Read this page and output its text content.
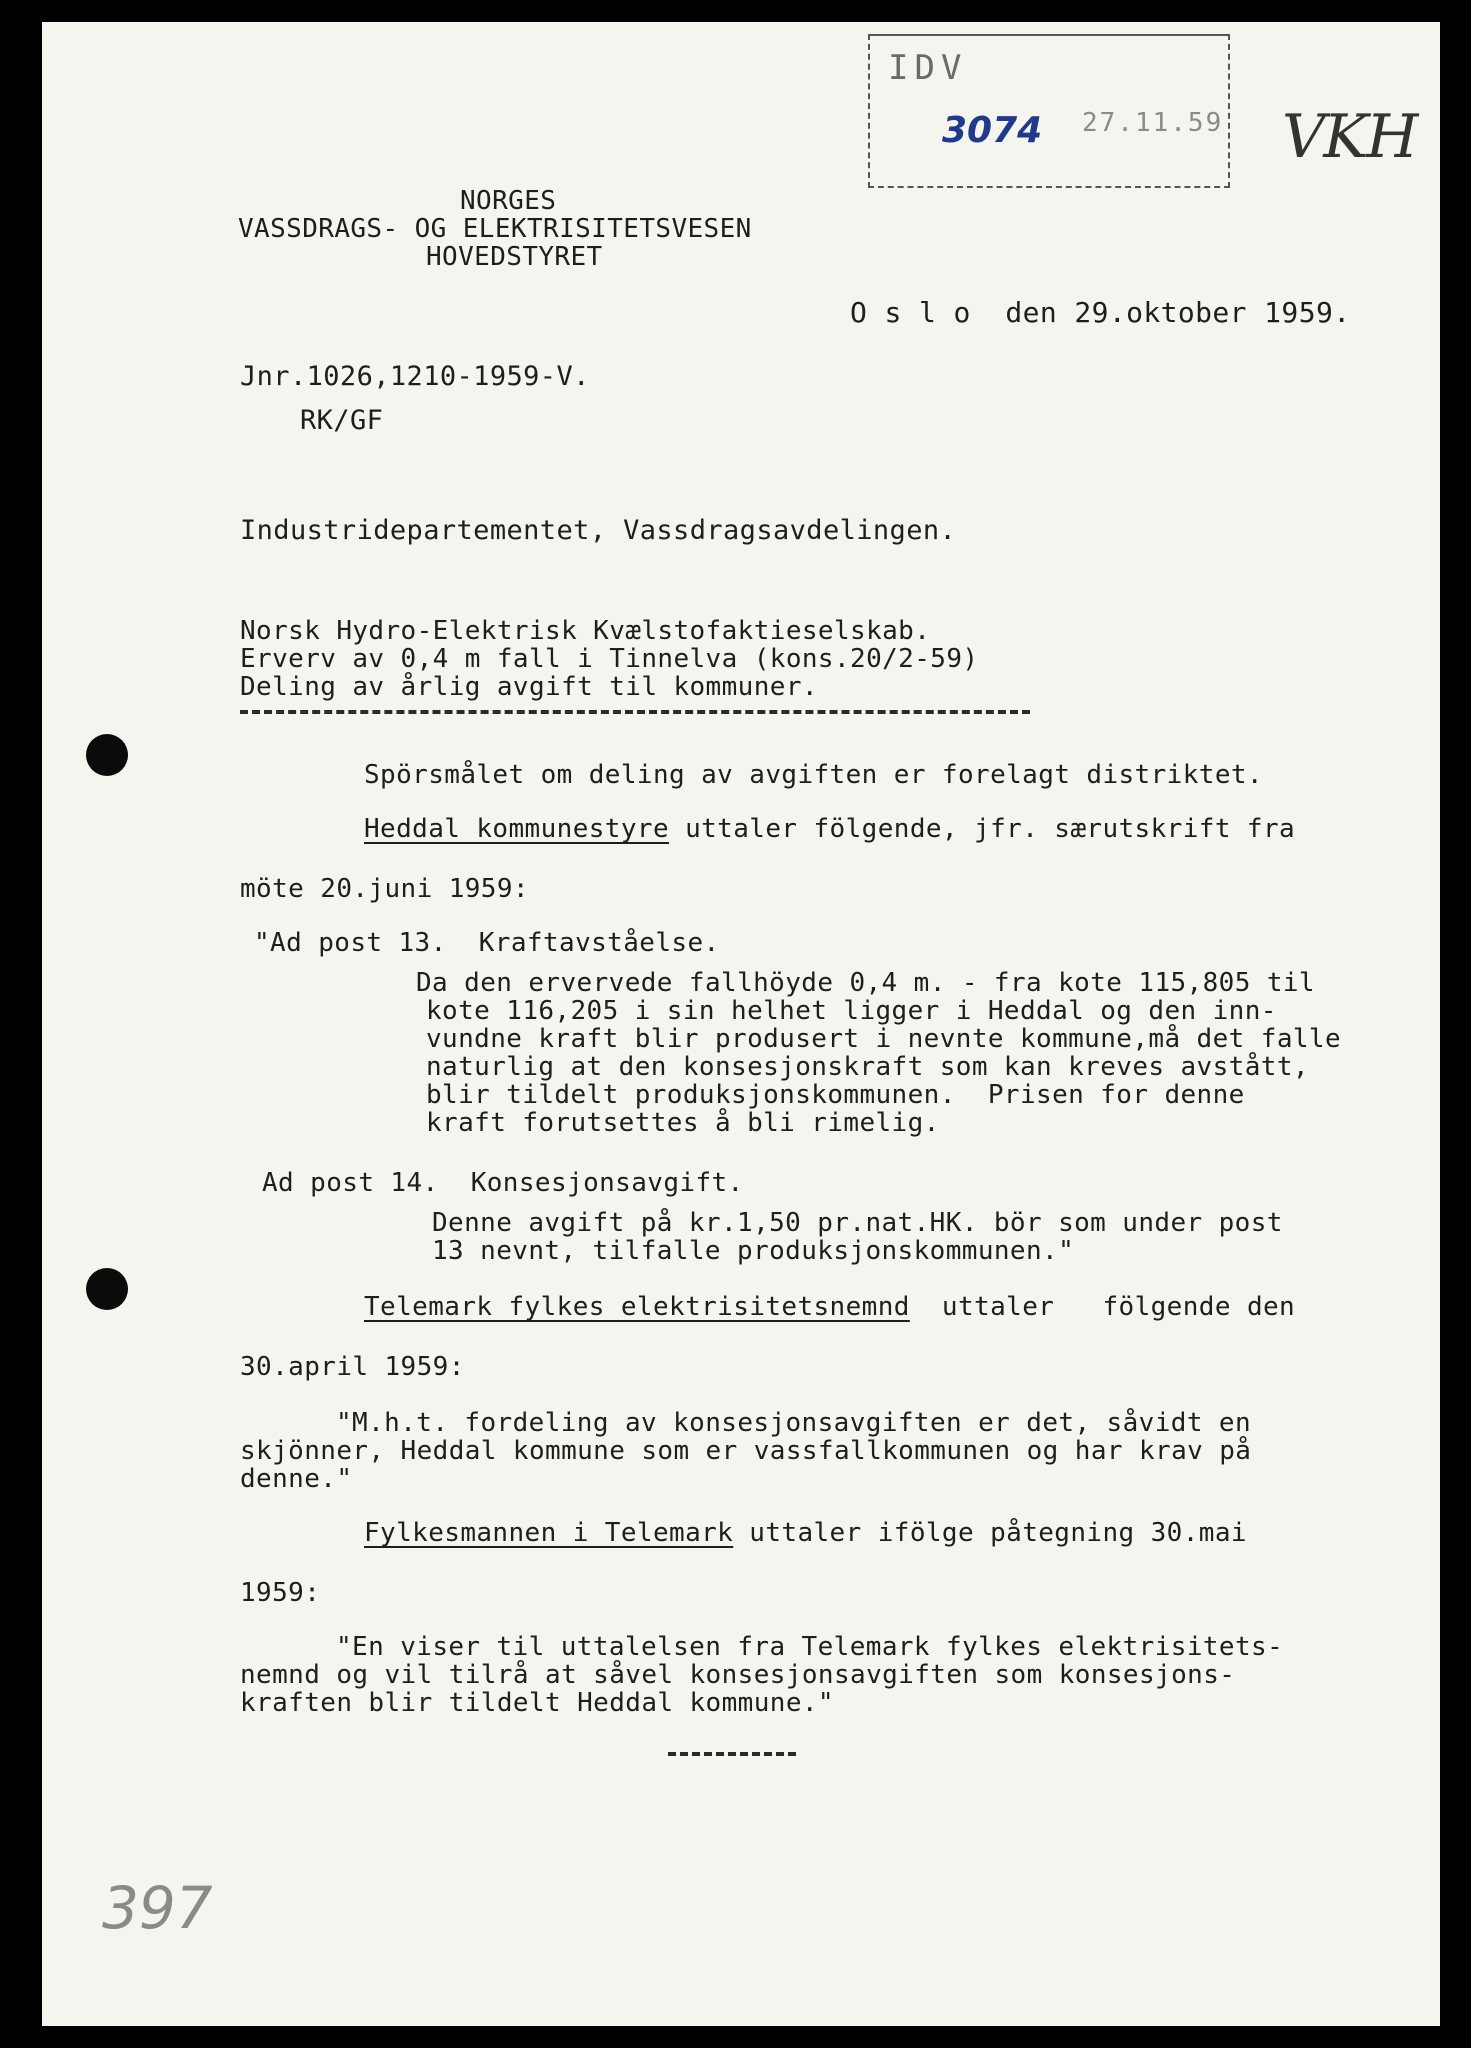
IDV
3074 27.11.59 VKH
397
NORGES
VASSDRAGS- OG ELEKTRISITETSVESEN
HOVEDSTYRET
O s l o  den 29.oktober 1959.
Jnr.1026,1210-1959-V.
RK/GF
Industridepartementet, Vassdragsavdelingen.
Norsk Hydro-Elektrisk Kvælstofaktieselskab.
Erverv av 0,4 m fall i Tinnelva (kons.20/2-59)
Deling av årlig avgift til kommuner.
Spörsmålet om deling av avgiften er forelagt distriktet.
Heddal kommunestyre uttaler fölgende, jfr. særutskrift fra
möte 20.juni 1959:
"Ad post 13.  Kraftavståelse.
Da den ervervede fallhöyde 0,4 m. - fra kote 115,805 til
kote 116,205 i sin helhet ligger i Heddal og den inn-
vundne kraft blir produsert i nevnte kommune,må det falle
naturlig at den konsesjonskraft som kan kreves avstått,
blir tildelt produksjonskommunen.  Prisen for denne
kraft forutsettes å bli rimelig.
Ad post 14.  Konsesjonsavgift.
Denne avgift på kr.1,50 pr.nat.HK. bör som under post
13 nevnt, tilfalle produksjonskommunen."
Telemark fylkes elektrisitetsnemnd  uttaler   fölgende den
30.april 1959:
"M.h.t. fordeling av konsesjonsavgiften er det, såvidt en
skjönner, Heddal kommune som er vassfallkommunen og har krav på
denne."
Fylkesmannen i Telemark uttaler ifölge påtegning 30.mai
1959:
"En viser til uttalelsen fra Telemark fylkes elektrisitets-
nemnd og vil tilrå at såvel konsesjonsavgiften som konsesjons-
kraften blir tildelt Heddal kommune."
